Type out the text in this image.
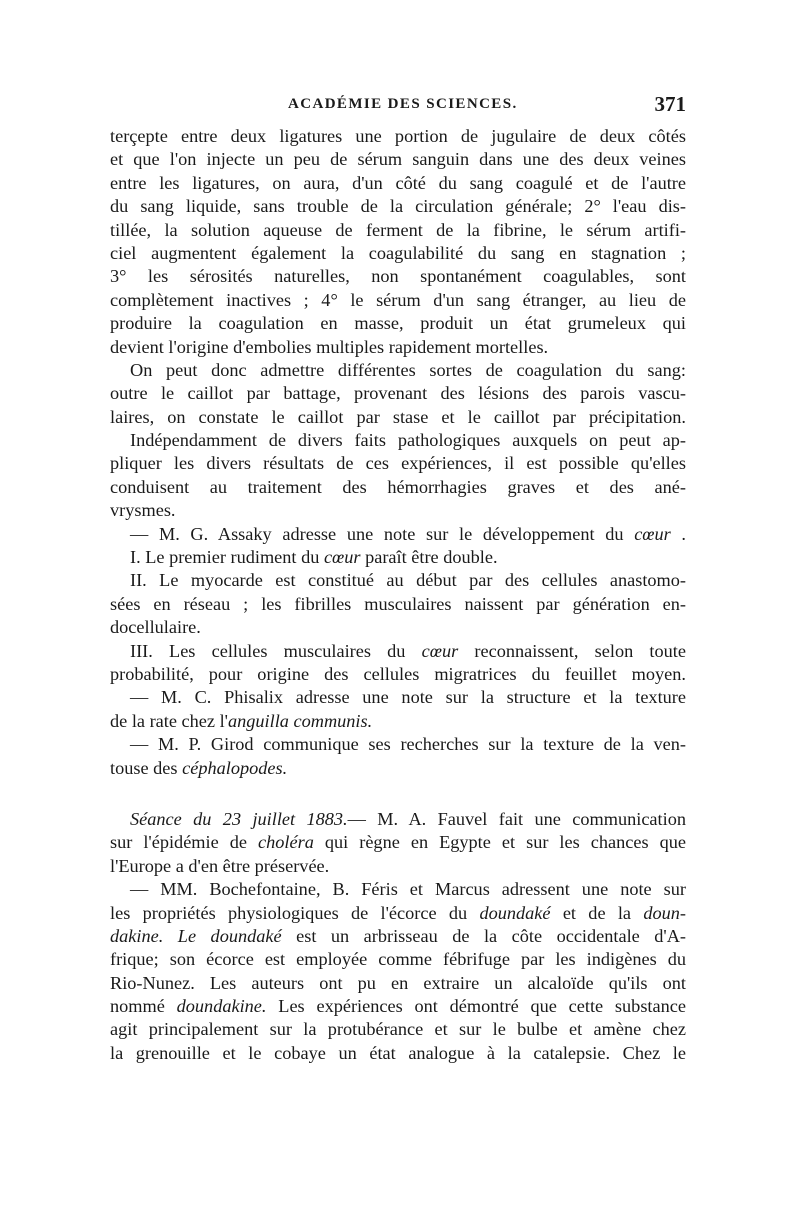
ACADÉMIE DES SCIENCES.	371
terçepte entre deux ligatures une portion de jugulaire de deux côtés
et que l'on injecte un peu de sérum sanguin dans une des deux veines
entre les ligatures, on aura, d'un côté du sang coagulé et de l'autre
du sang liquide, sans trouble de la circulation générale; 2° l'eau dis-
tillée, la solution aqueuse de ferment de la fibrine, le sérum artifi-
ciel augmentent également la coagulabilité du sang en stagnation ;
3° les sérosités naturelles, non spontanément coagulables, sont
complètement inactives ; 4° le sérum d'un sang étranger, au lieu de
produire la coagulation en masse, produit un état grumeleux qui
devient l'origine d'embolies multiples rapidement mortelles.
On peut donc admettre différentes sortes de coagulation du sang:
outre le caillot par battage, provenant des lésions des parois vascu-
laires, on constate le caillot par stase et le caillot par précipitation.
Indépendamment de divers faits pathologiques auxquels on peut ap-
pliquer les divers résultats de ces expériences, il est possible qu'elles
conduisent au traitement des hémorrhagies graves et des ané-
vrysmes.
— M. G. Assaky adresse une note sur le développement du cœur .
I. Le premier rudiment du cœur paraît être double.
II. Le myocarde est constitué au début par des cellules anastomo-
sées en réseau ; les fibrilles musculaires naissent par génération en-
docellulaire.
III. Les cellules musculaires du cœur reconnaissent, selon toute
probabilité, pour origine des cellules migratrices du feuillet moyen.
— M. C. Phisalix adresse une note sur la structure et la texture
de la rate chez l'anguilla communis.
— M. P. Girod communique ses recherches sur la texture de la ven-
touse des céphalopodes.
Séance du 23 juillet 1883.— M. A. Fauvel fait une communication
sur l'épidémie de choléra qui règne en Egypte et sur les chances que
l'Europe a d'en être préservée.
— MM. Bochefontaine, B. Féris et Marcus adressent une note sur
les propriétés physiologiques de l'écorce du doundaké et de la doun-
dakine. Le doundaké est un arbrisseau de la côte occidentale d'A-
frique; son écorce est employée comme fébrifuge par les indigènes du
Rio-Nunez. Les auteurs ont pu en extraire un alcaloïde qu'ils ont
nommé doundakine. Les expériences ont démontré que cette substance
agit principalement sur la protubérance et sur le bulbe et amène chez
la grenouille et le cobaye un état analogue à la catalepsie. Chez le
